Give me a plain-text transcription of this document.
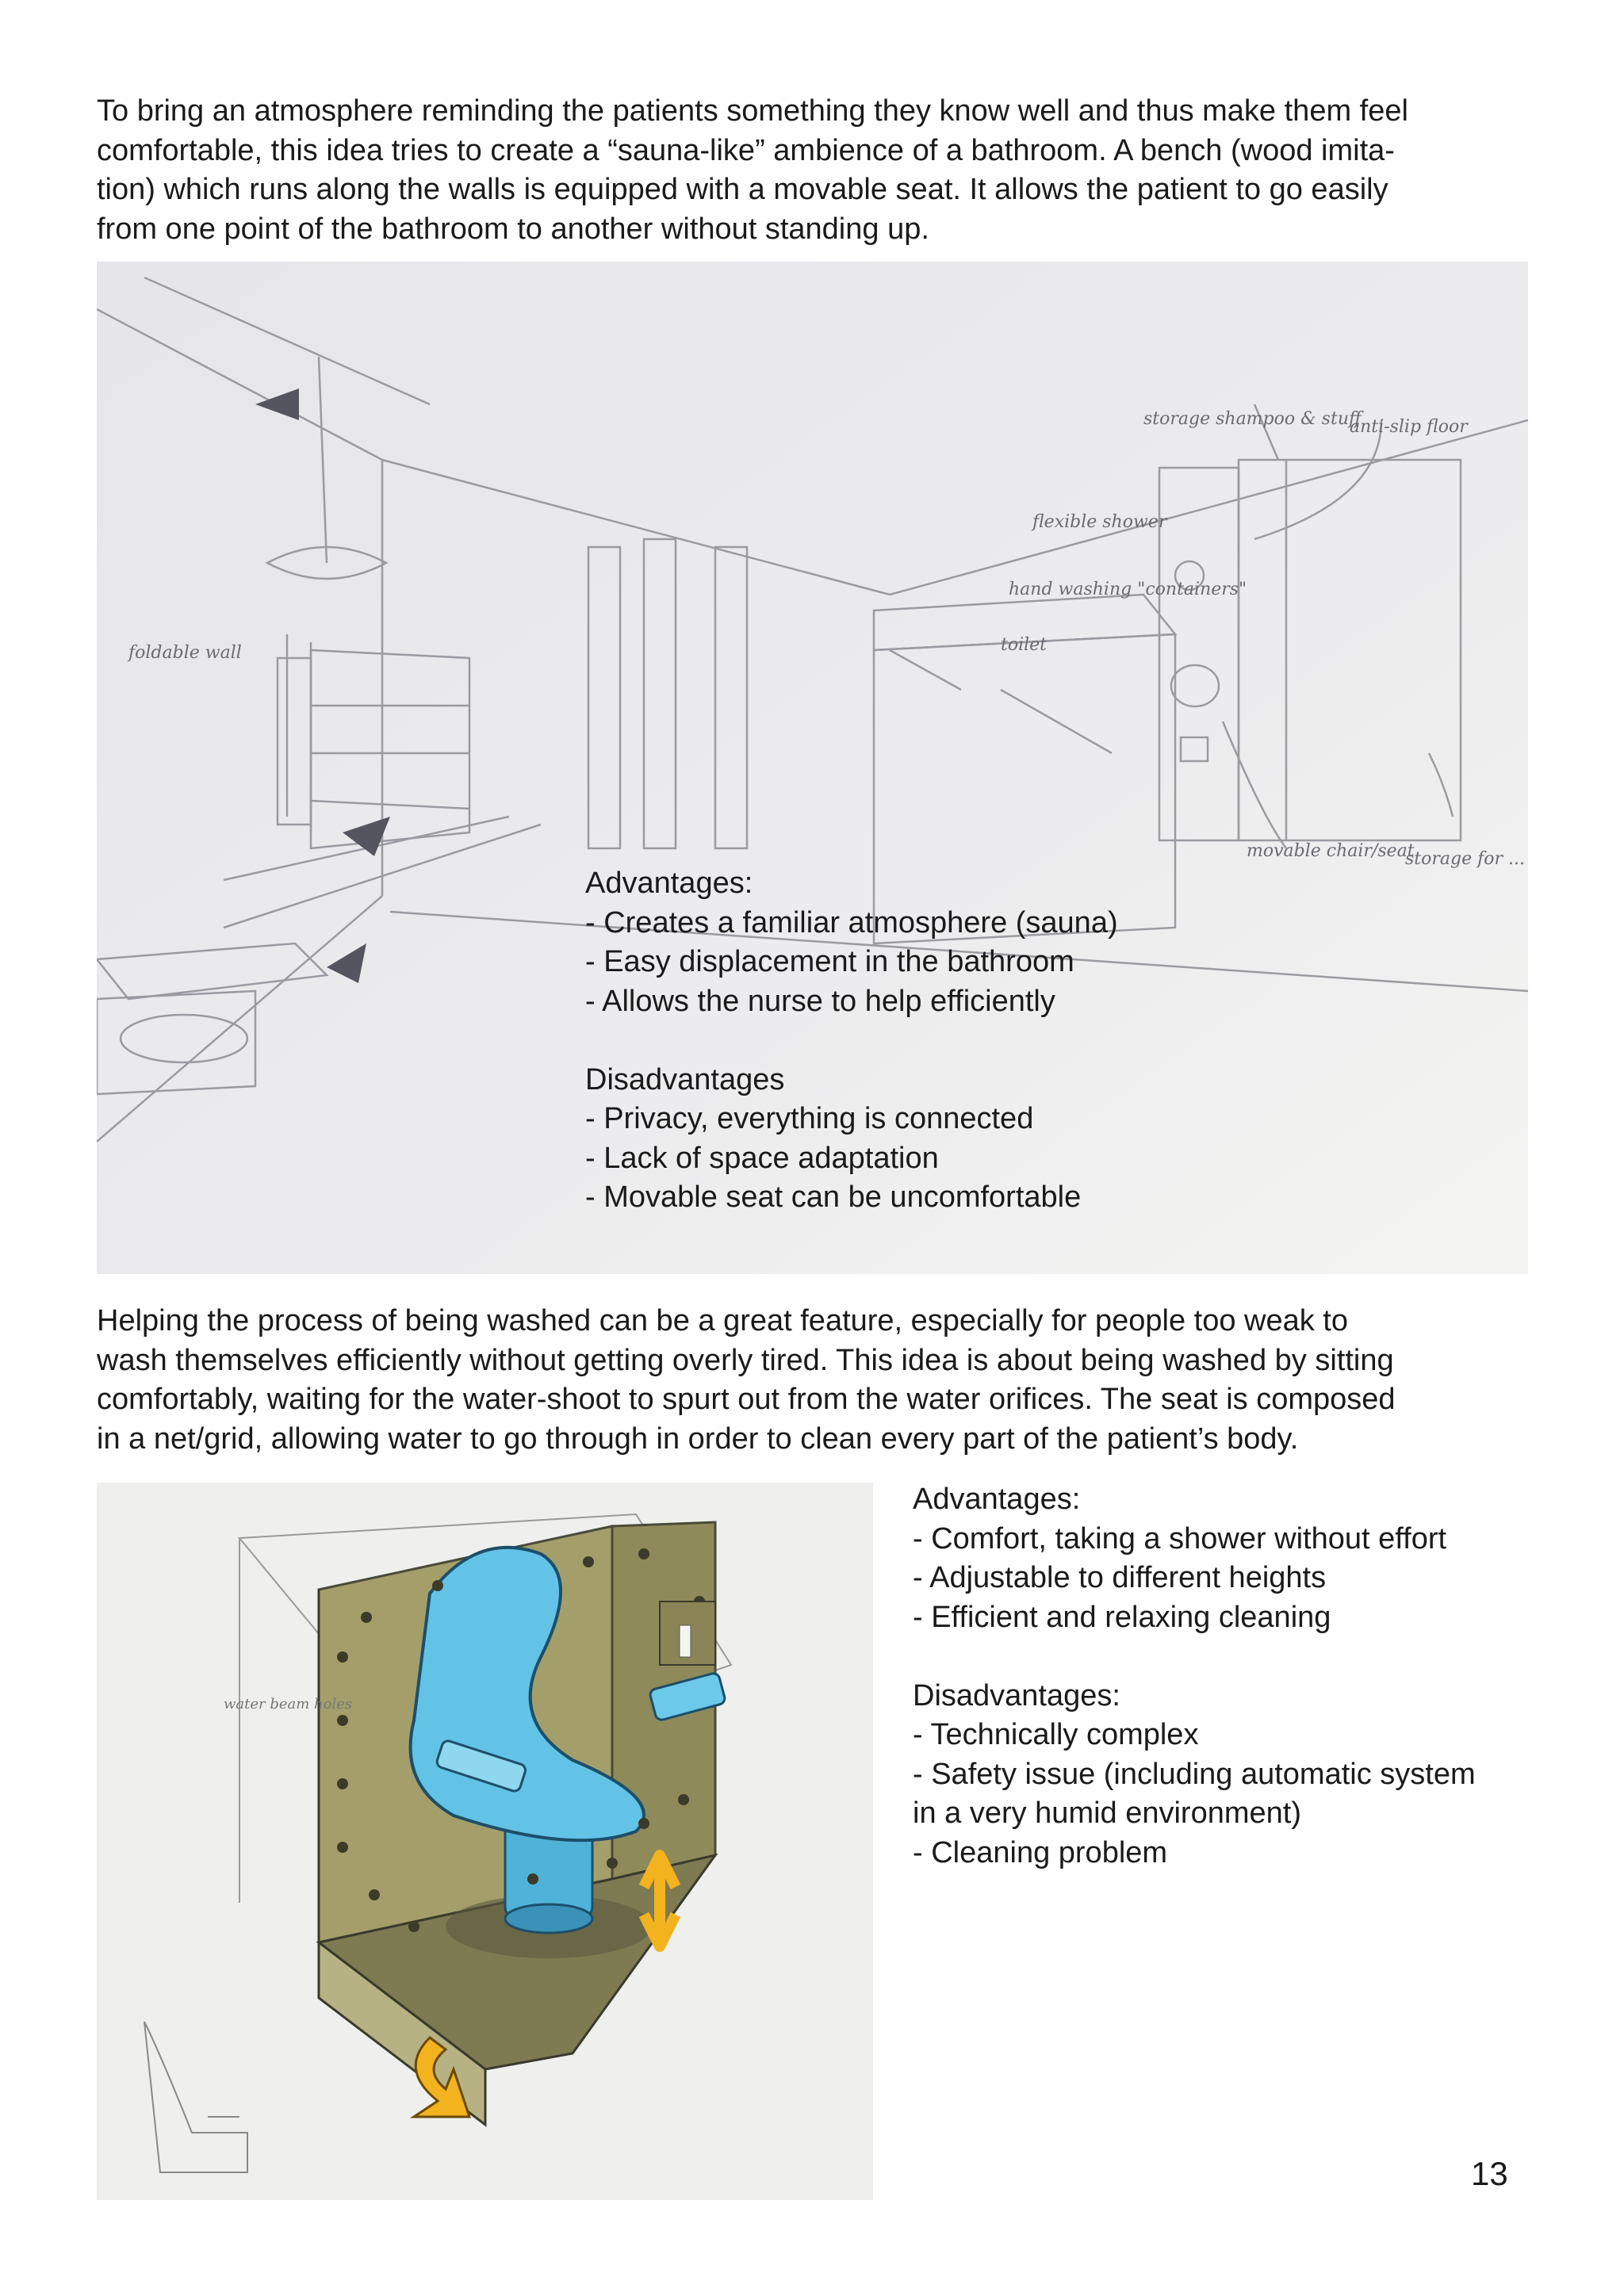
To bring an atmosphere reminding the patients something they know well and thus make them feel
comfortable, this idea tries to create a “sauna-like” ambience of a bathroom. A bench (wood imita-
tion) which runs along the walls is equipped with a movable seat. It allows the patient to go easily
from one point of the bathroom to another without standing up.

storage shampoo & stuff
anti-slip floor
flexible shower
hand washing "containers"
toilet
foldable wall
movable chair/seat
storage for ...
Advantages:
- Creates a familiar atmosphere (sauna)
- Easy displacement in the bathroom
- Allows the nurse to help efficiently
Disadvantages
- Privacy, everything is connected
- Lack of space adaptation
- Movable seat can be uncomfortable

Helping the process of being washed can be a great feature, especially for people too weak to
wash themselves efficiently without getting overly tired. This idea is about being washed by sitting
comfortably, waiting for the water-shoot to spurt out from the water orifices. The seat is composed
in a net/grid, allowing water to go through in order to clean every part of the patient’s body.

water beam holes
Advantages:
- Comfort, taking a shower without effort
- Adjustable to different heights
- Efficient and relaxing cleaning
Disadvantages:
- Technically complex
- Safety issue (including automatic system
in a very humid environment)
- Cleaning problem
13
